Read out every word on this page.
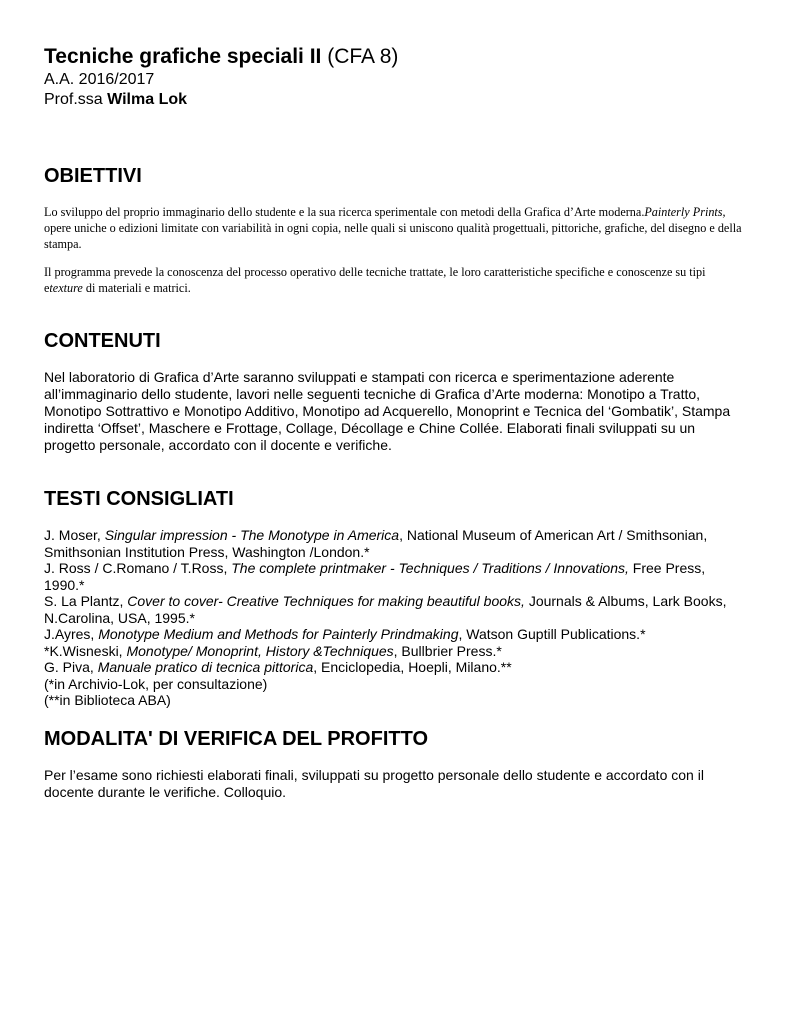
Tecniche grafiche speciali II (CFA 8)

A.A. 2016/2017

Prof.ssa Wilma Lok

OBIETTIVI

Lo sviluppo del proprio immaginario dello studente e la sua ricerca sperimentale con metodi della Grafica d’Arte moderna.Painterly Prints, opere uniche o edizioni limitate con variabilità in ogni copia, nelle quali si uniscono qualità progettuali, pittoriche, grafiche, del disegno e della stampa.

Il programma prevede la conoscenza del processo operativo delle tecniche trattate, le loro caratteristiche specifiche e conoscenze su tipi etexture di materiali e matrici.

CONTENUTI

Nel laboratorio di Grafica d’Arte saranno sviluppati e stampati con ricerca e sperimentazione aderente all’immaginario dello studente, lavori nelle seguenti tecniche di Grafica d’Arte moderna: Monotipo a Tratto, Monotipo Sottrattivo e Monotipo Additivo, Monotipo ad Acquerello, Monoprint e Tecnica del ‘Gombatik’, Stampa indiretta ‘Offset’, Maschere e Frottage, Collage, Décollage e Chine Collée. Elaborati finali sviluppati su un progetto personale, accordato con il docente e verifiche.

TESTI CONSIGLIATI
J. Moser, Singular impression - The Monotype in America, National Museum of American Art / Smithsonian, Smithsonian Institution Press, Washington /London.*
J. Ross / C.Romano / T.Ross, The complete printmaker - Techniques / Traditions / Innovations, Free Press, 1990.*
S. La Plantz, Cover to cover- Creative Techniques for making beautiful books, Journals & Albums, Lark Books, N.Carolina, USA, 1995.*
J.Ayres, Monotype Medium and Methods for Painterly Prindmaking, Watson Guptill Publications.*
*K.Wisneski, Monotype/ Monoprint, History &Techniques, Bullbrier Press.*
G. Piva, Manuale pratico di tecnica pittorica, Enciclopedia, Hoepli, Milano.**
(*in Archivio-Lok, per consultazione)
(**in Biblioteca ABA)
MODALITA' DI VERIFICA DEL PROFITTO

Per l’esame sono richiesti elaborati finali, sviluppati su progetto personale dello studente e accordato con il docente durante le verifiche. Colloquio.
